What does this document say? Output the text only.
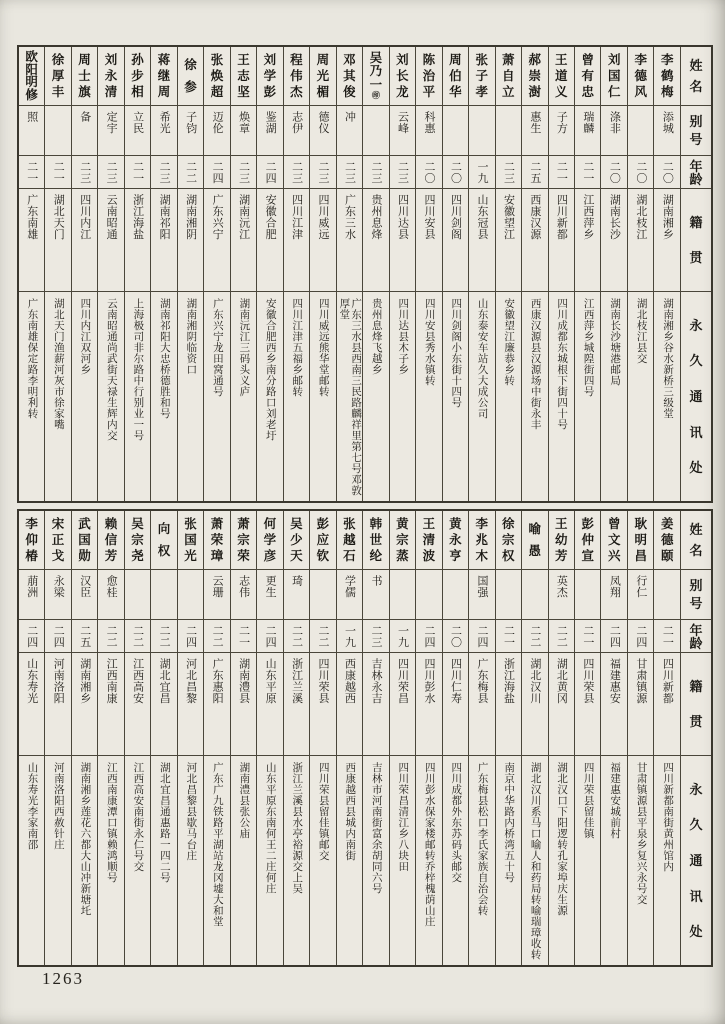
姓
名
别
号
年
龄
籍
贯
永
久
通
讯
处
李
鹤
梅
添城
二〇
湖南湘乡
湖南湘乡谷水新桥三级堂
李
德
风
二〇
湖北枝江
湖北枝江县交
刘
国
仁
涤非
二〇
湖南长沙
湖南长沙塘港邮局
曾
有
忠
瑞麟
二一
江西萍乡
江西萍乡城隍街四号
王
道
义
子方
二一
四川新都
四川成都东城根下街四十号
郝
崇
澍
惠生
二五
西康汉源
西康汉源县汉源场中街永丰
萧
自
立
二三
安徽望江
安徽望江廉恭乡转
张
子
孝
一九
山东冠县
山东泰安车站久大成公司
周
伯
华
二〇
四川剑阁
四川剑阁小东街十四号
陈
治
平
科惠
二〇
四川安县
四川安县秀水镇转
刘
长
龙
云峰
二三
四川达县
四川达县木子乡
吴
乃
一
㊞
二三
贵州息烽
贵州息烽飞越乡
邓
其
俊
冲
二三
广东三水
广东三水县西南三民路麟祥里第七号邓敦厚堂
周
光
楣
德仪
二三
四川威远
四川威远熊华堂邮转
程
伟
杰
志伊
二三
四川江津
四川江津五福乡邮转
刘
学
彭
鉴湖
二四
安徽合肥
安徽合肥西乡南分路口刘老圩
王
志
坚
焕章
二三
湖南沅江
湖南沅江三码头义庐
张
焕
超
迈伦
二四
广东兴宁
广东兴宁龙田窝通号
徐
参
子钧
二二
湖南湘阴
湖南湘阴临资口
蒋
继
周
希光
二三
湖南祁阳
湖南祁阳大忠桥德胜和号
孙
步
相
立民
二一
浙江海盐
上海极司非尔路中行别业一号
刘
永
清
定宇
二三
云南昭通
云南昭通尚武街天禄生辉内交
周
士
旗
备
二三
四川内江
四川内江双河乡
徐
厚
丰
二一
湖北天门
湖北天门渔薪河灰市徐家嘴
欧
阳
明
修
照
二一
广东南雄
广东南雄保定路李明利转
姓
名
别
号
年
龄
籍
贯
永
久
通
讯
处
姜
德
颐
二一
四川新都
四川新都南街黄州馆内
耿
明
昌
行仁
二四
甘肃镇源
甘肃镇源县平泉乡复兴永号交
曾
文
兴
凤翔
二四
福建惠安
福建惠安城前村
彭
仲
宣
二一
四川荣县
四川荣县留佳镇
王
幼
芳
英杰
二二
湖北黄冈
湖北汉口下阳逻转孔家埠庆生源
喻
愚
二二
湖北汉川
湖北汉川系马口喻人和药局转喻瑞璋收转
徐
宗
权
二一
浙江海盐
南京中华路内桥湾五十号
李
兆
木
国强
二四
广东梅县
广东梅县松口李氏家族自治会转
黄
永
亨
二〇
四川仁寿
四川成都外东苏码头邮交
王
清
波
二四
四川彭水
四川彭水保家楼邮转乔梓槐荫山庄
黄
宗
蒸
一九
四川荣昌
四川荣昌清江乡八块田
韩
世
纶
书
二三
吉林永吉
吉林市河南街富余胡同六号
张
越
石
学儒
一九
西康越西
西康越西县城内南街
彭
应
钦
二二
四川荣县
四川荣县留佳镇邮交
吴
少
天
琦
二二
浙江兰溪
浙江兰溪县水亭裕源交上吴
何
学
彦
更生
二四
山东平原
山东平原东南何王二庄何庄
萧
宗
荣
志伟
二一
湖南澧县
湖南澧县张公庙
萧
荣
璋
云珊
二二
广东惠阳
广东广九铁路平湖站龙冈墟大和堂
张
国
光
二四
河北昌黎
河北昌黎县歇马台庄
向
权
二二
湖北宜昌
湖北宜昌通惠路一四二号
吴
宗
尧
二二
江西高安
江西高安南街永仁号交
赖
信
芳
愈桂
二二
江西南康
江西南康潭口镇赖鸿顺号
武
国
勋
汉臣
二五
湖南湘乡
湖南湘乡莲花六都大山冲新塘圫
宋
正
戈
永梁
二四
河南洛阳
河南洛阳西赦针庄
李
仰
椿
萠洲
二四
山东寿光
山东寿光李家南邵
1263
